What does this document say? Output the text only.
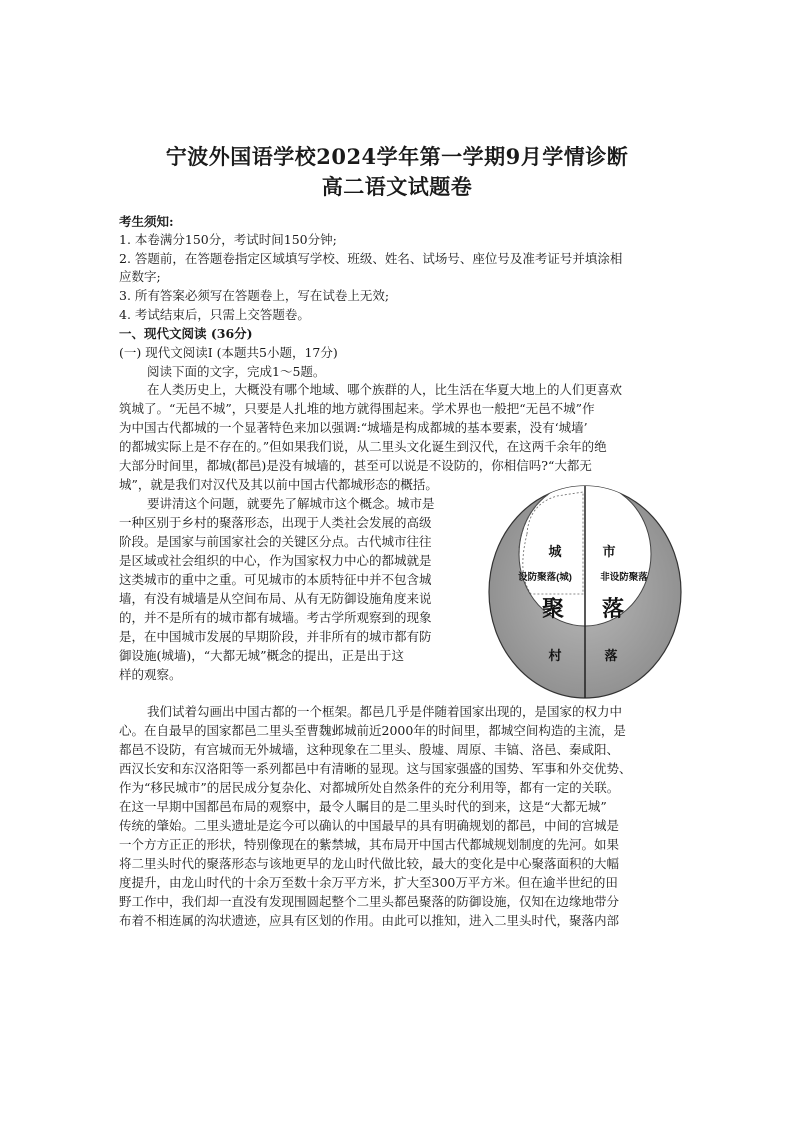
宁波外国语学校2024学年第一学期9月学情诊断
高二语文试题卷
考生须知:
1. 本卷满分150分，考试时间150分钟;
2. 答题前，在答题卷指定区域填写学校、班级、姓名、试场号、座位号及准考证号并填涂相
应数字;
3. 所有答案必须写在答题卷上，写在试卷上无效;
4. 考试结束后，只需上交答题卷。
一、现代文阅读 (36分)
(一) 现代文阅读Ⅰ (本题共5小题，17分)
阅读下面的文字，完成1～5题。
在人类历史上，大概没有哪个地域、哪个族群的人，比生活在华夏大地上的人们更喜欢
筑城了。“无邑不城”，只要是人扎堆的地方就得围起来。学术界也一般把“无邑不城”作
为中国古代都城的一个显著特色来加以强调:“城墙是构成都城的基本要素，没有‘城墙’
的都城实际上是不存在的。”但如果我们说，从二里头文化诞生到汉代，在这两千余年的绝
大部分时间里，都城(都邑)是没有城墙的，甚至可以说是不设防的，你相信吗?“大都无
城”，就是我们对汉代及其以前中国古代都城形态的概括。
要讲清这个问题，就要先了解城市这个概念。城市是
一种区别于乡村的聚落形态，出现于人类社会发展的高级
阶段。是国家与前国家社会的关键区分点。古代城市往往
是区域或社会组织的中心，作为国家权力中心的都城就是
这类城市的重中之重。可见城市的本质特征中并不包含城
墙，有没有城墙是从空间布局、从有无防御设施角度来说
的，并不是所有的城市都有城墙。考古学所观察到的现象
是，在中国城市发展的早期阶段，并非所有的城市都有防
御设施(城墙)，“大都无城”概念的提出，正是出于这
样的观察。
城	市
设防聚落(城)	非设防聚落
聚 落
村	落
我们试着勾画出中国古都的一个框架。都邑几乎是伴随着国家出现的，是国家的权力中
心。在自最早的国家都邑二里头至曹魏邺城前近2000年的时间里，都城空间构造的主流，是
都邑不设防，有宫城而无外城墙，这种现象在二里头、殷墟、周原、丰镐、洛邑、秦咸阳、
西汉长安和东汉洛阳等一系列都邑中有清晰的显现。这与国家强盛的国势、军事和外交优势、
作为“移民城市”的居民成分复杂化、对都城所处自然条件的充分利用等，都有一定的关联。
在这一早期中国都邑布局的观察中，最令人瞩目的是二里头时代的到来，这是“大都无城”
传统的肇始。二里头遗址是迄今可以确认的中国最早的具有明确规划的都邑，中间的宫城是
一个方方正正的形状，特别像现在的紫禁城，其布局开中国古代都城规划制度的先河。如果
将二里头时代的聚落形态与该地更早的龙山时代做比较，最大的变化是中心聚落面积的大幅
度提升，由龙山时代的十余万至数十余万平方米，扩大至300万平方米。但在逾半世纪的田
野工作中，我们却一直没有发现围圆起整个二里头都邑聚落的防御设施，仅知在边缘地带分
布着不相连属的沟状遗迹，应具有区划的作用。由此可以推知，进入二里头时代，聚落内部
